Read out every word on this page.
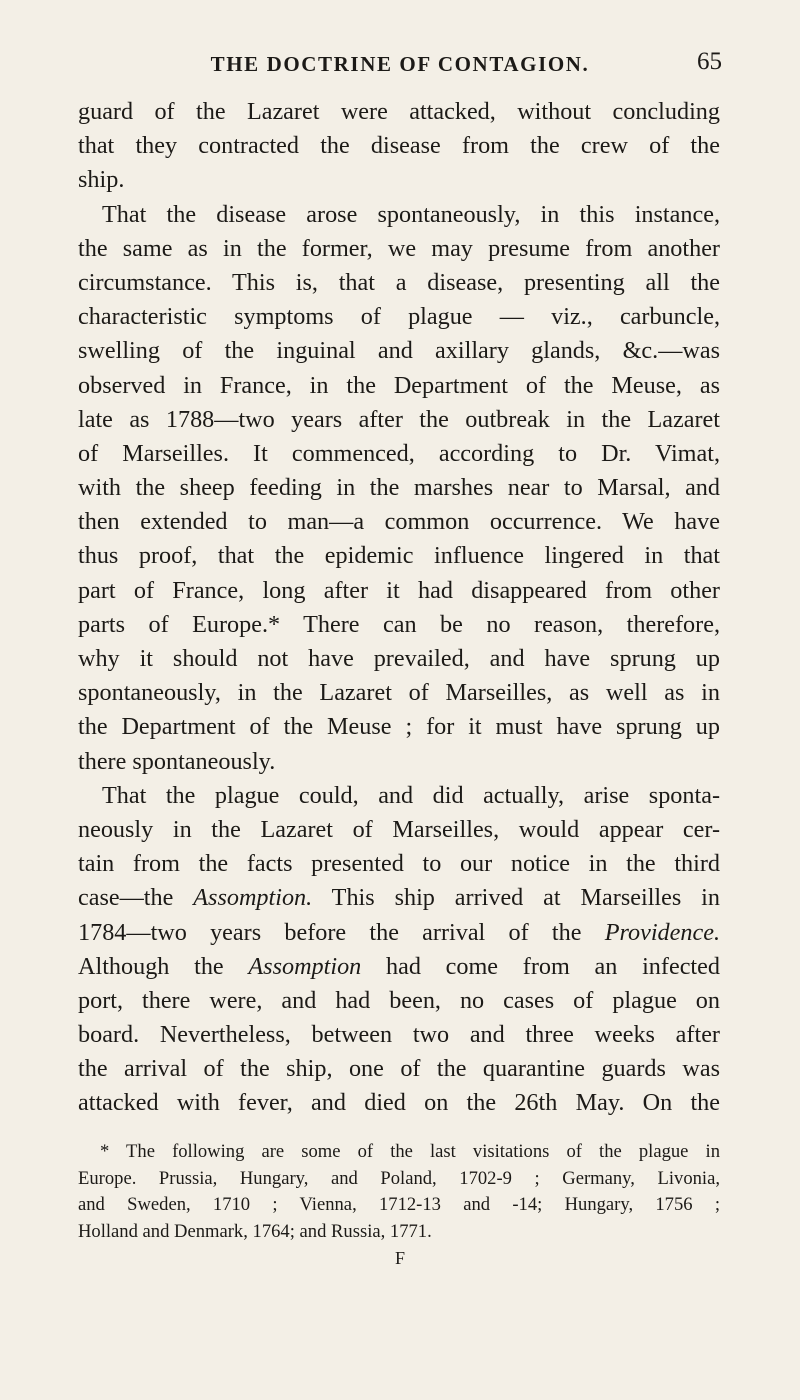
THE DOCTRINE OF CONTAGION.	65
guard of the Lazaret were attacked, without concluding
that they contracted the disease from the crew of the
ship.
That the disease arose spontaneously, in this instance,
the same as in the former, we may presume from another
circumstance. This is, that a disease, presenting all the
characteristic symptoms of plague — viz., carbuncle,
swelling of the inguinal and axillary glands, &c.—was
observed in France, in the Department of the Meuse, as
late as 1788—two years after the outbreak in the Lazaret
of Marseilles. It commenced, according to Dr. Vimat,
with the sheep feeding in the marshes near to Marsal, and
then extended to man—a common occurrence. We have
thus proof, that the epidemic influence lingered in that
part of France, long after it had disappeared from other
parts of Europe.* There can be no reason, therefore,
why it should not have prevailed, and have sprung up
spontaneously, in the Lazaret of Marseilles, as well as in
the Department of the Meuse ; for it must have sprung up
there spontaneously.
That the plague could, and did actually, arise sponta-
neously in the Lazaret of Marseilles, would appear cer-
tain from the facts presented to our notice in the third
case—the Assomption. This ship arrived at Marseilles in
1784—two years before the arrival of the Providence.
Although the Assomption had come from an infected
port, there were, and had been, no cases of plague on
board. Nevertheless, between two and three weeks after
the arrival of the ship, one of the quarantine guards was
attacked with fever, and died on the 26th May. On the
* The following are some of the last visitations of the plague in
Europe. Prussia, Hungary, and Poland, 1702-9 ; Germany, Livonia,
and Sweden, 1710 ; Vienna, 1712-13 and -14; Hungary, 1756 ;
Holland and Denmark, 1764; and Russia, 1771.
F
